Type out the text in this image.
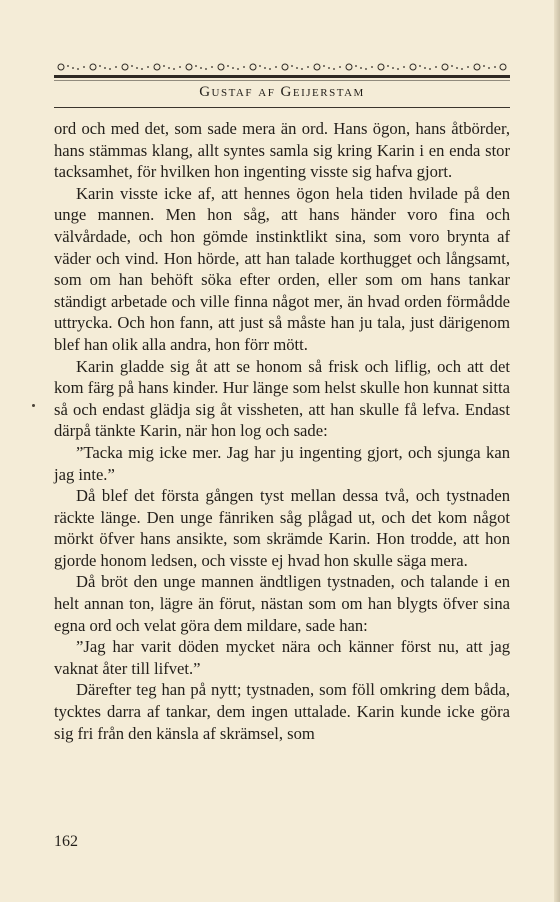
Gustaf af Geijerstam

ord och med det, som sade mera än ord. Hans ögon, hans åtbörder, hans stämmas klang, allt syntes samla sig kring Karin i en enda stor tacksamhet, för hvilken hon ingenting visste sig hafva gjort.

Karin visste icke af, att hennes ögon hela tiden hvilade på den unge mannen. Men hon såg, att hans händer voro fina och välvårdade, och hon gömde instinktlikt sina, som voro brynta af väder och vind. Hon hörde, att han talade korthugget och långsamt, som om han behöft söka efter orden, eller som om hans tankar ständigt arbetade och ville finna något mer, än hvad orden förmådde uttrycka. Och hon fann, att just så måste han ju tala, just därigenom blef han olik alla andra, hon förr mött.

Karin gladde sig åt att se honom så frisk och liflig, och att det kom färg på hans kinder. Hur länge som helst skulle hon kunnat sitta så och endast glädja sig åt vissheten, att han skulle få lefva. Endast därpå tänkte Karin, när hon log och sade:

”Tacka mig icke mer. Jag har ju ingenting gjort, och sjunga kan jag inte.”

Då blef det första gången tyst mellan dessa två, och tystnaden räckte länge. Den unge fänriken såg plågad ut, och det kom något mörkt öfver hans ansikte, som skrämde Karin. Hon trodde, att hon gjorde honom ledsen, och visste ej hvad hon skulle säga mera.

Då bröt den unge mannen ändtligen tystnaden, och talande i en helt annan ton, lägre än förut, nästan som om han blygts öfver sina egna ord och velat göra dem mildare, sade han:

”Jag har varit döden mycket nära och känner först nu, att jag vaknat åter till lifvet.”

Därefter teg han på nytt; tystnaden, som föll omkring dem båda, tycktes darra af tankar, dem ingen uttalade. Karin kunde icke göra sig fri från den känsla af skrämsel, som

162
